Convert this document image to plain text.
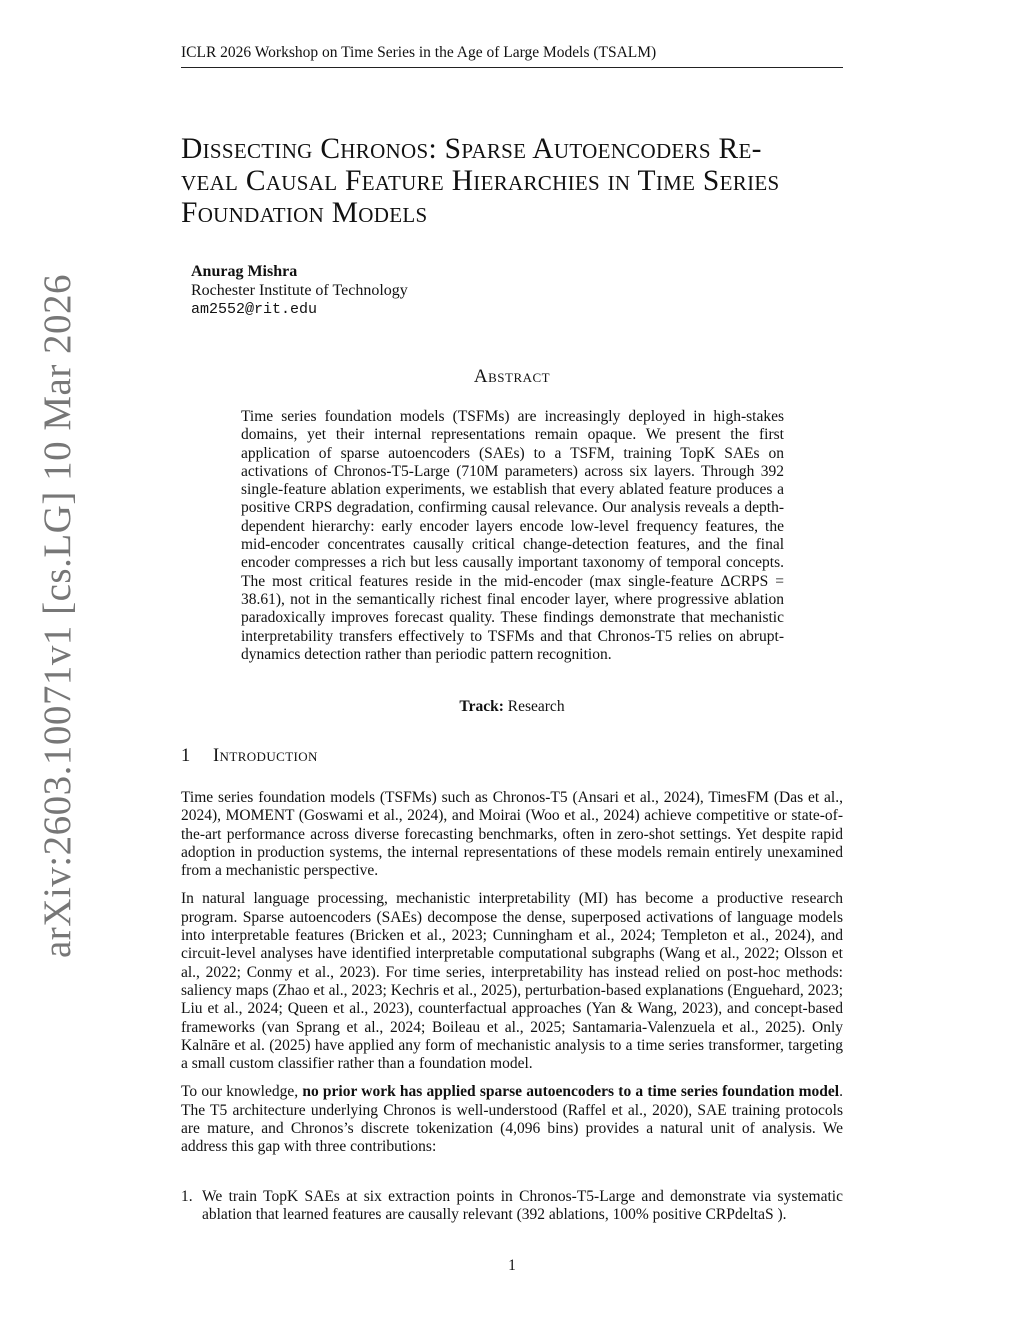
ICLR 2026 Workshop on Time Series in the Age of Large Models (TSALM)
arXiv:2603.10071v1 [cs.LG] 10 Mar 2026
Dissecting Chronos: Sparse Autoencoders Re-
veal Causal Feature Hierarchies in Time Series
Foundation Models
Anurag Mishra
Rochester Institute of Technology
am2552@rit.edu
Abstract
Time series foundation models (TSFMs) are increasingly deployed in high-stakes domains, yet their internal representations remain opaque. We present the first application of sparse autoencoders (SAEs) to a TSFM, training TopK SAEs on activations of Chronos-T5-Large (710M parameters) across six layers. Through 392 single-feature ablation experiments, we establish that every ablated feature produces a positive CRPS degradation, confirming causal relevance. Our analysis reveals a depth-dependent hierarchy: early encoder layers encode low-level frequency features, the mid-encoder concentrates causally critical change-detection features, and the final encoder compresses a rich but less causally important taxonomy of temporal concepts. The most critical features reside in the mid-encoder (max single-feature ΔCRPS = 38.61), not in the semantically richest final encoder layer, where progressive ablation paradoxically improves forecast quality. These findings demonstrate that mechanistic interpretability transfers effectively to TSFMs and that Chronos-T5 relies on abrupt-dynamics detection rather than periodic pattern recognition.
Track: Research
1 Introduction

Time series foundation models (TSFMs) such as Chronos-T5 (Ansari et al., 2024), TimesFM (Das et al., 2024), MOMENT (Goswami et al., 2024), and Moirai (Woo et al., 2024) achieve competitive or state-of-the-art performance across diverse forecasting benchmarks, often in zero-shot settings. Yet despite rapid adoption in production systems, the internal representations of these models remain entirely unexamined from a mechanistic perspective.

In natural language processing, mechanistic interpretability (MI) has become a productive research program. Sparse autoencoders (SAEs) decompose the dense, superposed activations of language models into interpretable features (Bricken et al., 2023; Cunningham et al., 2024; Templeton et al., 2024), and circuit-level analyses have identified interpretable computational subgraphs (Wang et al., 2022; Olsson et al., 2022; Conmy et al., 2023). For time series, interpretability has instead relied on post-hoc methods: saliency maps (Zhao et al., 2023; Kechris et al., 2025), perturbation-based explanations (Enguehard, 2023; Liu et al., 2024; Queen et al., 2023), counterfactual approaches (Yan & Wang, 2023), and concept-based frameworks (van Sprang et al., 2024; Boileau et al., 2025; Santamaria-Valenzuela et al., 2025). Only Kalnāre et al. (2025) have applied any form of mechanistic analysis to a time series transformer, targeting a small custom classifier rather than a foundation model.

To our knowledge, no prior work has applied sparse autoencoders to a time series foundation model. The T5 architecture underlying Chronos is well-understood (Raffel et al., 2020), SAE training protocols are mature, and Chronos’s discrete tokenization (4,096 bins) provides a natural unit of analysis. We address this gap with three contributions:

1. We train TopK SAEs at six extraction points in Chronos-T5-Large and demonstrate via systematic ablation that learned features are causally relevant (392 ablations, 100% positive CRPdeltaS ).
1
